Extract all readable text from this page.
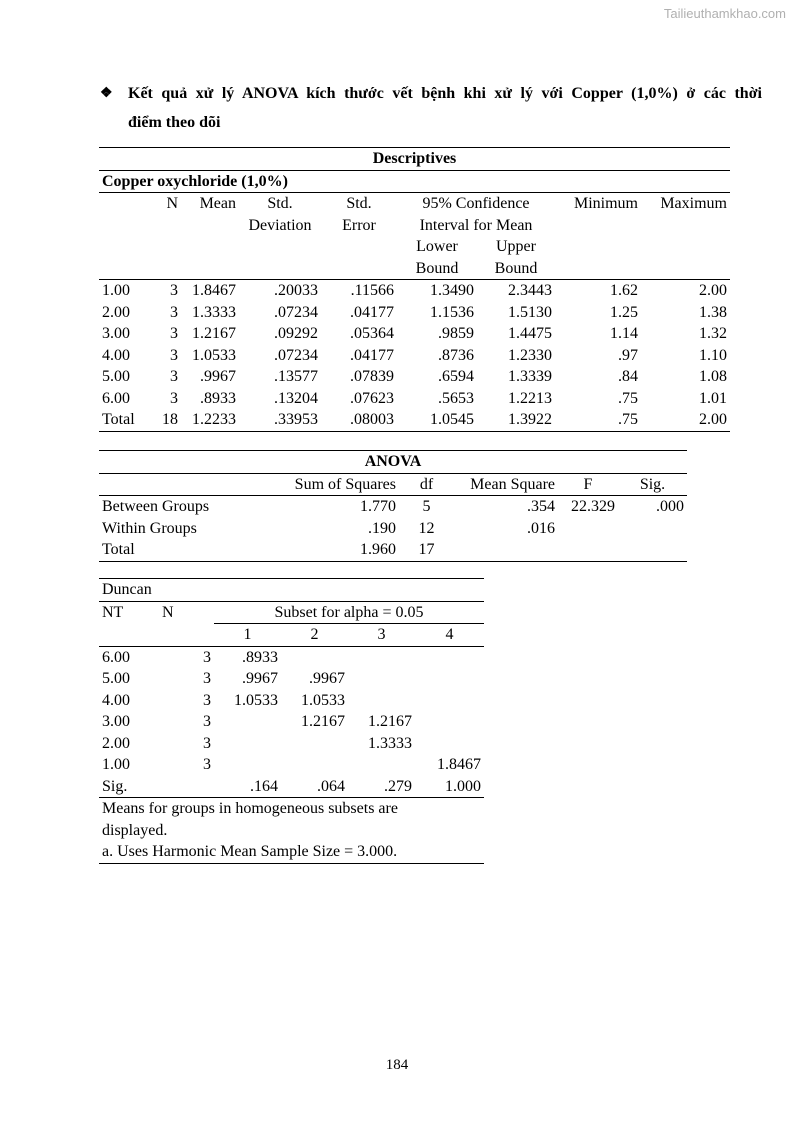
Tailieuthamkhao.com
❖ Kết quả xử lý ANOVA kích thước vết bệnh khi xử lý với Copper (1,0%) ở các thời
điểm theo dõi
Descriptives								
Copper oxychloride (1,0%)								
	N	Mean	Std.	Std.	95% Confidence		Minimum	Maximum
			Deviation	Error	Interval for Mean			
					Lower	Upper		
					Bound	Bound		
1.00	3	1.8467	.20033	.11566	1.3490	2.3443	1.62	2.00
2.00	3	1.3333	.07234	.04177	1.1536	1.5130	1.25	1.38
3.00	3	1.2167	.09292	.05364	.9859	1.4475	1.14	1.32
4.00	3	1.0533	.07234	.04177	.8736	1.2330	.97	1.10
5.00	3	.9967	.13577	.07839	.6594	1.3339	.84	1.08
6.00	3	.8933	.13204	.07623	.5653	1.2213	.75	1.01
Total	18	1.2233	.33953	.08003	1.0545	1.3922	.75	2.00
ANOVA					
	Sum of Squares	df	Mean Square	F	Sig.
Between Groups	1.770	5	.354	22.329	.000
Within Groups	.190	12	.016		
Total	1.960	17			
Duncan					
NT	N	Subset for alpha = 0.05			
		1	2	3	4
6.00	3	.8933			
5.00	3	.9967	.9967		
4.00	3	1.0533	1.0533		
3.00	3		1.2167	1.2167	
2.00	3			1.3333	
1.00	3				1.8467
Sig.		.164	.064	.279	1.000
Means for groups in homogeneous subsets are					
displayed.					
a. Uses Harmonic Mean Sample Size = 3.000.					
184
